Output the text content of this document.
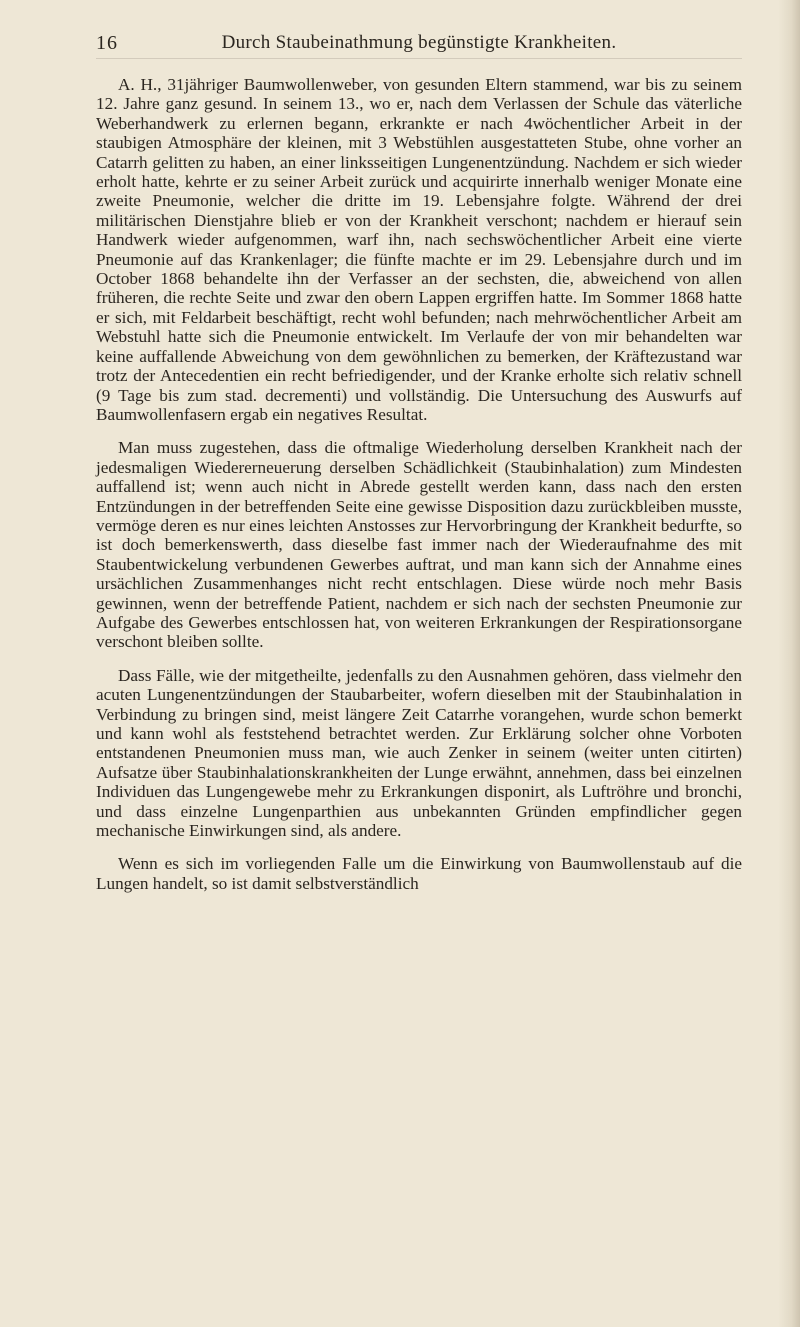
16	Durch Staubeinathmung begünstigte Krankheiten.

A. H., 31jähriger Baumwollenweber, von gesunden Eltern stammend, war bis zu seinem 12. Jahre ganz gesund. In seinem 13., wo er, nach dem Verlassen der Schule das väterliche Weberhandwerk zu erlernen begann, erkrankte er nach 4wöchentlicher Arbeit in der staubigen Atmosphäre der kleinen, mit 3 Webstühlen ausgestatteten Stube, ohne vorher an Catarrh gelitten zu haben, an einer linksseitigen Lungenentzündung. Nachdem er sich wieder erholt hatte, kehrte er zu seiner Arbeit zurück und acquirirte innerhalb weniger Monate eine zweite Pneumonie, welcher die dritte im 19. Lebensjahre folgte. Während der drei militärischen Dienstjahre blieb er von der Krankheit verschont; nachdem er hierauf sein Handwerk wieder aufgenommen, warf ihn, nach sechswöchentlicher Arbeit eine vierte Pneumonie auf das Krankenlager; die fünfte machte er im 29. Lebensjahre durch und im October 1868 behandelte ihn der Verfasser an der sechsten, die, abweichend von allen früheren, die rechte Seite und zwar den obern Lappen ergriffen hatte. Im Sommer 1868 hatte er sich, mit Feldarbeit beschäftigt, recht wohl befunden; nach mehrwöchentlicher Arbeit am Webstuhl hatte sich die Pneumonie entwickelt. Im Verlaufe der von mir behandelten war keine auffallende Abweichung von dem gewöhnlichen zu bemerken, der Kräftezustand war trotz der Antecedentien ein recht befriedigender, und der Kranke erholte sich relativ schnell (9 Tage bis zum stad. decrementi) und vollständig. Die Untersuchung des Auswurfs auf Baumwollenfasern ergab ein negatives Resultat.

Man muss zugestehen, dass die oftmalige Wiederholung derselben Krankheit nach der jedesmaligen Wiedererneuerung derselben Schädlichkeit (Staubinhalation) zum Mindesten auffallend ist; wenn auch nicht in Abrede gestellt werden kann, dass nach den ersten Entzündungen in der betreffenden Seite eine gewisse Disposition dazu zurückbleiben musste, vermöge deren es nur eines leichten Anstosses zur Hervorbringung der Krankheit bedurfte, so ist doch bemerkenswerth, dass dieselbe fast immer nach der Wiederaufnahme des mit Staubentwickelung verbundenen Gewerbes auftrat, und man kann sich der Annahme eines ursächlichen Zusammenhanges nicht recht entschlagen. Diese würde noch mehr Basis gewinnen, wenn der betreffende Patient, nachdem er sich nach der sechsten Pneumonie zur Aufgabe des Gewerbes entschlossen hat, von weiteren Erkrankungen der Respirationsorgane verschont bleiben sollte.

Dass Fälle, wie der mitgetheilte, jedenfalls zu den Ausnahmen gehören, dass vielmehr den acuten Lungenentzündungen der Staubarbeiter, wofern dieselben mit der Staubinhalation in Verbindung zu bringen sind, meist längere Zeit Catarrhe vorangehen, wurde schon bemerkt und kann wohl als feststehend betrachtet werden. Zur Erklärung solcher ohne Vorboten entstandenen Pneumonien muss man, wie auch Zenker in seinem (weiter unten citirten) Aufsatze über Staubinhalationskrankheiten der Lunge erwähnt, annehmen, dass bei einzelnen Individuen das Lungengewebe mehr zu Erkrankungen disponirt, als Luftröhre und bronchi, und dass einzelne Lungenparthien aus unbekannten Gründen empfindlicher gegen mechanische Einwirkungen sind, als andere.

Wenn es sich im vorliegenden Falle um die Einwirkung von Baumwollenstaub auf die Lungen handelt, so ist damit selbstverständlich
